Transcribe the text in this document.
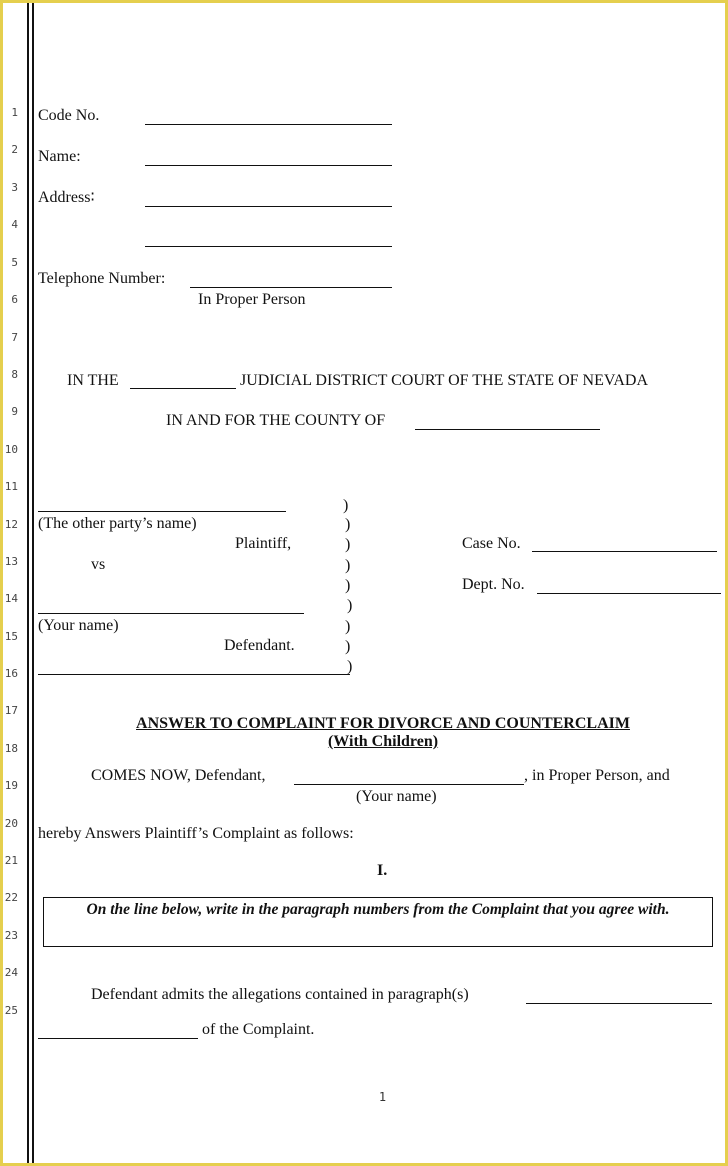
1
2
3
4
5
6
7
8
9
10
11
12
13
14
15
16
17
18
19
20
21
22
23
24
25
Code No.
Name:
Address∶
Telephone Number:
In Proper Person
IN THE	JUDICIAL DISTRICT COURT OF THE STATE OF NEVADA
IN AND FOR THE COUNTY OF
(The other party’s name)
Plaintiff,
vs
(Your name)
Defendant.
)
)
)
)
)
)
)
)
)
Case No.
Dept. No.
ANSWER TO COMPLAINT FOR DIVORCE AND COUNTERCLAIM
(With Children)
COMES NOW, Defendant,	, in Proper Person, and
(Your name)
hereby Answers Plaintiff’s Complaint as follows:
I.
On the line below, write in the paragraph numbers from the Complaint that you agree with.
Defendant admits the allegations contained in paragraph(s)
of the Complaint.
1
